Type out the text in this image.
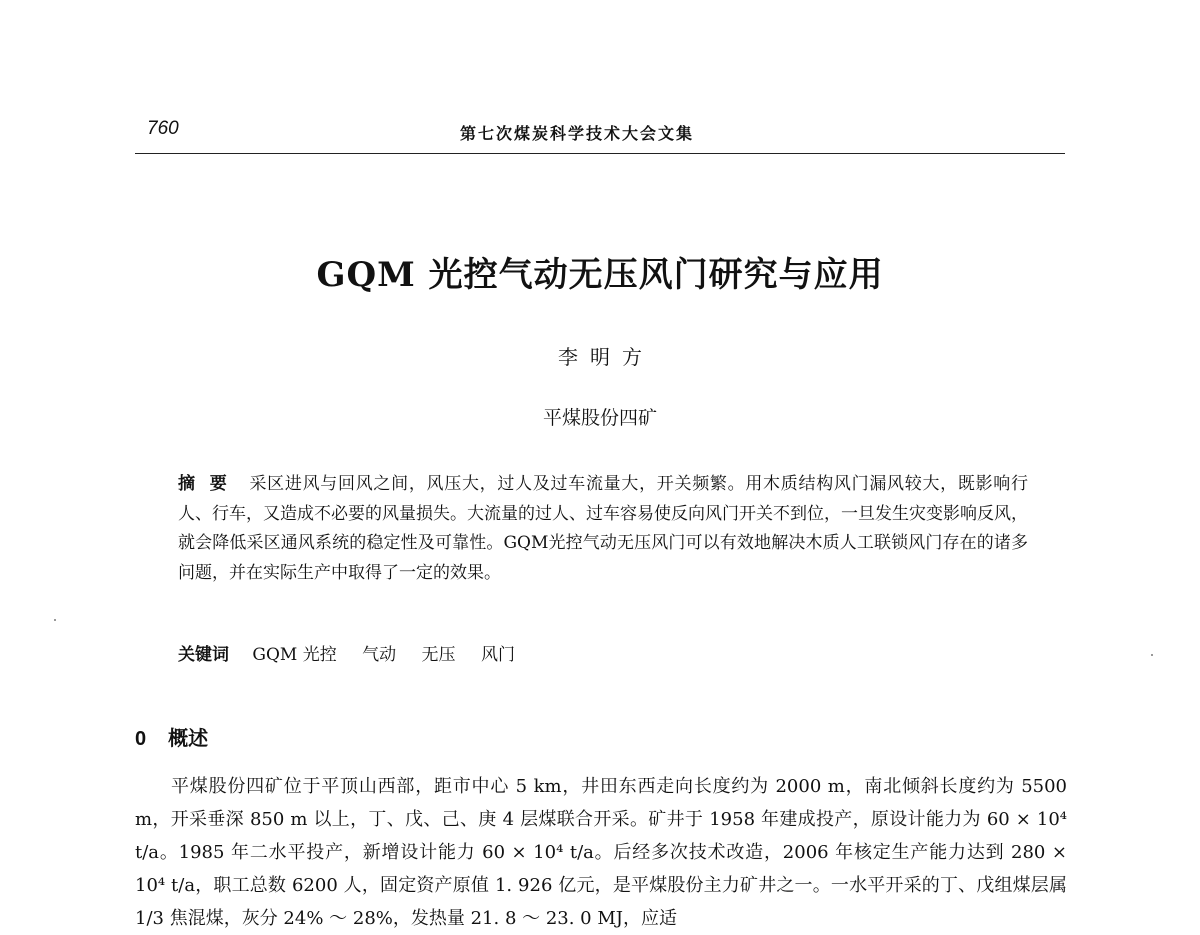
760	第七次煤炭科学技术大会文集
GQM 光控气动无压风门研究与应用
李明方
平煤股份四矿
摘要 采区进风与回风之间，风压大，过人及过车流量大，开关频繁。用木质结构风门漏风较大，既影响行人、行车，又造成不必要的风量损失。大流量的过人、过车容易使反向风门开关不到位，一旦发生灾变影响反风，就会降低采区通风系统的稳定性及可靠性。GQM光控气动无压风门可以有效地解决木质人工联锁风门存在的诸多问题，并在实际生产中取得了一定的效果。
关键词 GQM 光控 气动 无压 风门
0 概述
平煤股份四矿位于平顶山西部，距市中心 5 km，井田东西走向长度约为 2000 m，南北倾斜长度约为 5500 m，开采垂深 850 m 以上，丁、戊、己、庚 4 层煤联合开采。矿井于 1958 年建成投产，原设计能力为 60 × 10⁴ t/a。1985 年二水平投产，新增设计能力 60 × 10⁴ t/a。后经多次技术改造，2006 年核定生产能力达到 280 × 10⁴ t/a，职工总数 6200 人，固定资产原值 1. 926 亿元，是平煤股份主力矿井之一。一水平开采的丁、戊组煤层属 1/3 焦混煤，灰分 24% ～ 28%，发热量 21. 8 ～ 23. 0 MJ，应适
